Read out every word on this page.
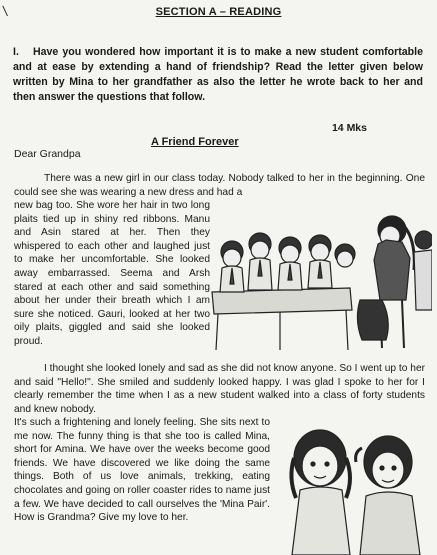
\	SECTION A – READING
I. Have you wondered how important it is to make a new student comfortable and at ease by extending a hand of friendship? Read the letter given below written by Mina to her grandfather as also the letter he wrote back to her and then answer the questions that follow.
14 Mks
A Friend Forever
Dear Grandpa
There was a new girl in our class today. Nobody talked to her in the beginning. One could see she was wearing a new dress and had a
new bag too. She wore her hair in two long plaits tied up in shiny red ribbons. Manu and Asin stared at her. Then they whispered to each other and laughed just to make her uncomfortable. She looked away embarrassed. Seema and Arsh stared at each other and said something about her under their breath which I am sure she noticed. Gauri, looked at her two oily plaits, giggled and said she looked proud.
I thought she looked lonely and sad as she did not know anyone. So I went up to her and said "Hello!". She smiled and suddenly looked happy. I was glad I spoke to her for I clearly remember the time when I as a new student walked into a class of forty students and knew nobody.
It's such a frightening and lonely feeling. She sits next to me now. The funny thing is that she too is called Mina, short for Amina. We have over the weeks become good friends. We have discovered we like doing the same things. Both of us love animals, trekking, eating chocolates and going on roller coaster rides to name just a few. We have decided to call ourselves the 'Mina Pair'. How is Grandma? Give my love to her.
